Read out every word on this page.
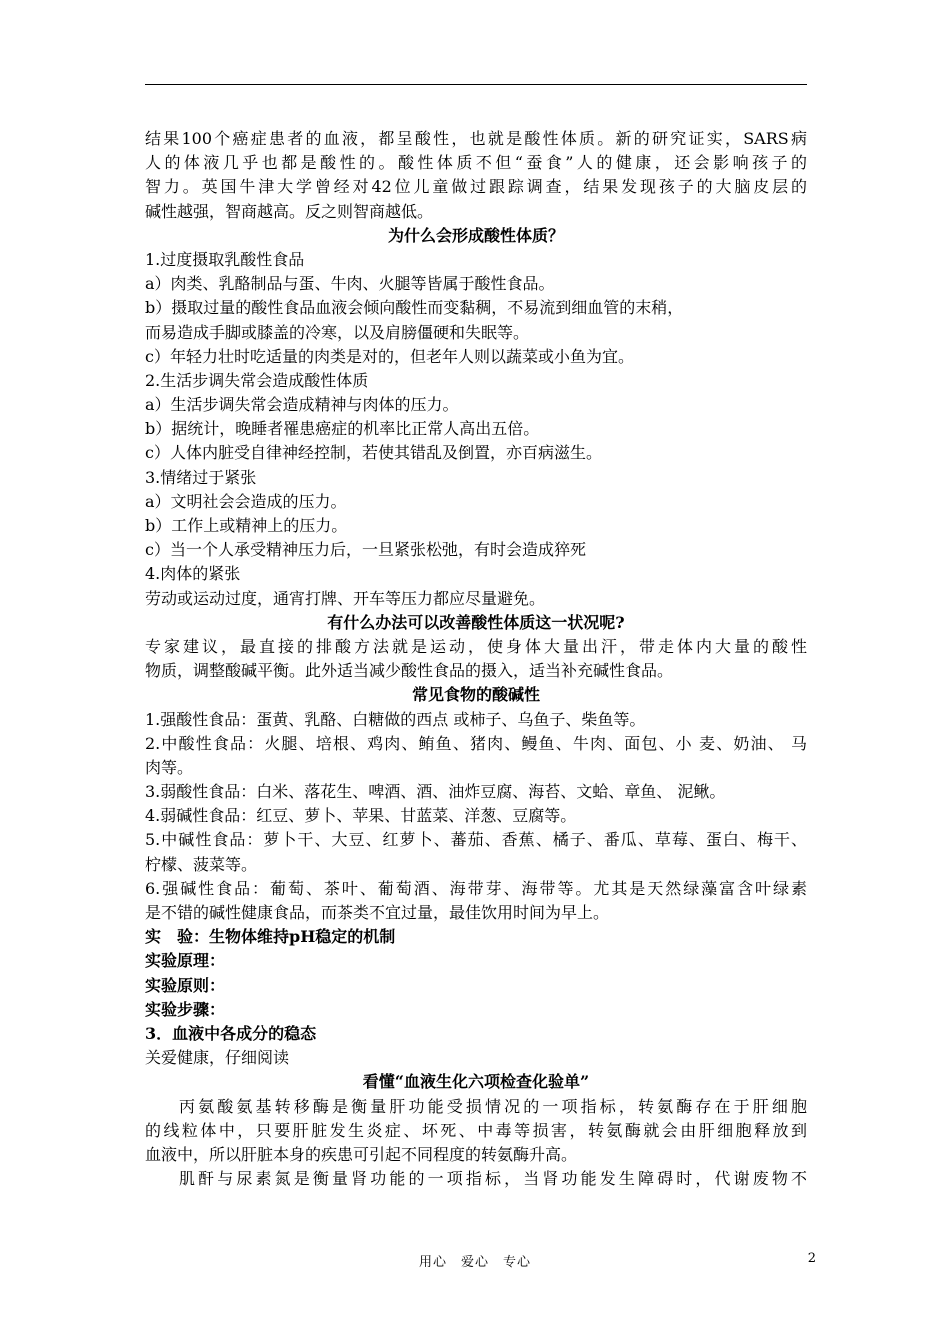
结果100个癌症患者的血液，都呈酸性，也就是酸性体质。新的研究证实，SARS病
人的体液几乎也都是酸性的。酸性体质不但“蚕食”人的健康，还会影响孩子的
智力。英国牛津大学曾经对42位儿童做过跟踪调查，结果发现孩子的大脑皮层的
碱性越强，智商越高。反之则智商越低。
为什么会形成酸性体质？
1.过度摄取乳酸性食品
a）肉类、乳酪制品与蛋、牛肉、火腿等皆属于酸性食品。
b）摄取过量的酸性食品血液会倾向酸性而变黏稠，不易流到细血管的末稍，
而易造成手脚或膝盖的冷寒，以及肩膀僵硬和失眠等。
c）年轻力壮时吃适量的肉类是对的，但老年人则以蔬菜或小鱼为宜。
2.生活步调失常会造成酸性体质
a）生活步调失常会造成精神与肉体的压力。
b）据统计，晚睡者罹患癌症的机率比正常人高出五倍。
c）人体内脏受自律神经控制，若使其错乱及倒置，亦百病滋生。
3.情绪过于紧张
a）文明社会会造成的压力。
b）工作上或精神上的压力。
c）当一个人承受精神压力后，一旦紧张松弛，有时会造成猝死
4.肉体的紧张
劳动或运动过度，通宵打牌、开车等压力都应尽量避免。
有什么办法可以改善酸性体质这一状况呢?
专家建议，最直接的排酸方法就是运动，使身体大量出汗，带走体内大量的酸性
物质，调整酸碱平衡。此外适当减少酸性食品的摄入，适当补充碱性食品。
常见食物的酸碱性
1.强酸性食品：蛋黄、乳酪、白糖做的西点 或柿子、乌鱼子、柴鱼等。
2.中酸性食品：火腿、培根、鸡肉、鲔鱼、猪肉、鳗鱼、牛肉、面包、小 麦、奶油、 马
肉等。
3.弱酸性食品：白米、落花生、啤酒、酒、油炸豆腐、海苔、文蛤、章鱼、 泥鳅。
4.弱碱性食品：红豆、萝卜、苹果、甘蓝菜、洋葱、豆腐等。
5.中碱性食品：萝卜干、大豆、红萝卜、蕃茄、香蕉、橘子、番瓜、草莓、蛋白、梅干、
柠檬、菠菜等。
6.强碱性食品：葡萄、茶叶、葡萄酒、海带芽、海带等。尤其是天然绿藻富含叶绿素
是不错的碱性健康食品，而茶类不宜过量，最佳饮用时间为早上。
实　验：生物体维持pH稳定的机制
实验原理：
实验原则：
实验步骤：
3．血液中各成分的稳态
关爱健康，仔细阅读
看懂“血液生化六项检查化验单”
丙氨酸氨基转移酶是衡量肝功能受损情况的一项指标，转氨酶存在于肝细胞
的线粒体中，只要肝脏发生炎症、坏死、中毒等损害，转氨酶就会由肝细胞释放到
血液中，所以肝脏本身的疾患可引起不同程度的转氨酶升高。
肌酐与尿素氮是衡量肾功能的一项指标，当肾功能发生障碍时，代谢废物不
用心　爱心　专心	2
